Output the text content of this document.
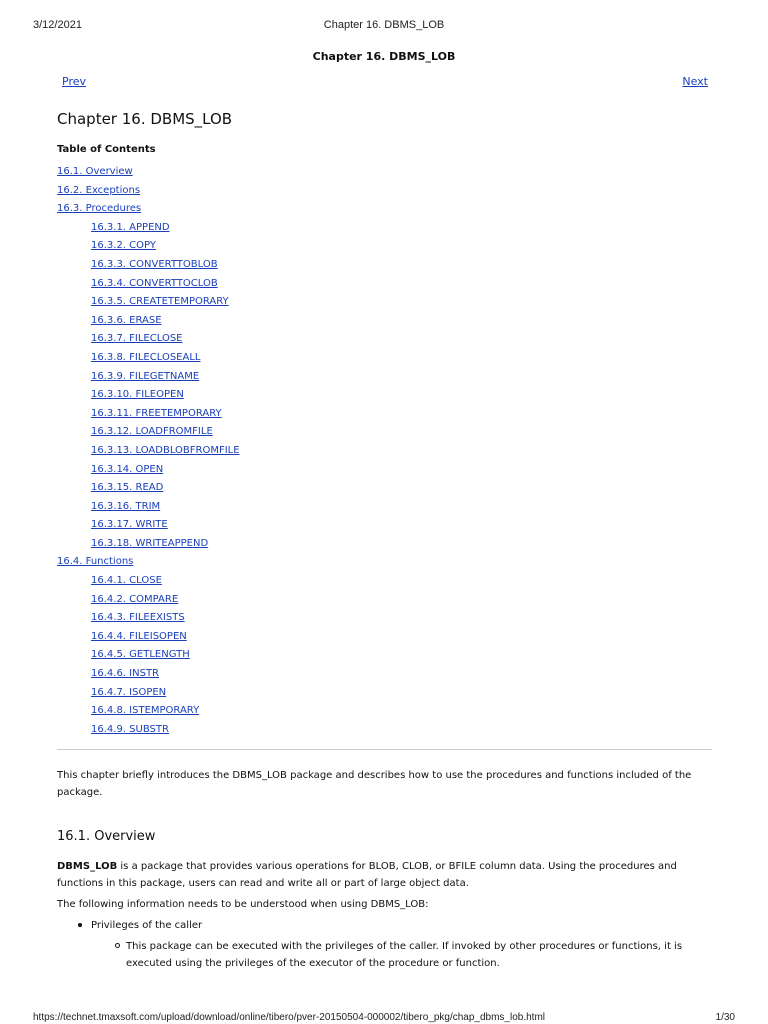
3/12/2021	Chapter 16. DBMS_LOB
Chapter 16. DBMS_LOB
Prev	Next
Chapter 16. DBMS_LOB
Table of Contents
16.1. Overview
16.2. Exceptions
16.3. Procedures
16.3.1. APPEND
16.3.2. COPY
16.3.3. CONVERTTOBLOB
16.3.4. CONVERTTOCLOB
16.3.5. CREATETEMPORARY
16.3.6. ERASE
16.3.7. FILECLOSE
16.3.8. FILECLOSEALL
16.3.9. FILEGETNAME
16.3.10. FILEOPEN
16.3.11. FREETEMPORARY
16.3.12. LOADFROMFILE
16.3.13. LOADBLOBFROMFILE
16.3.14. OPEN
16.3.15. READ
16.3.16. TRIM
16.3.17. WRITE
16.3.18. WRITEAPPEND
16.4. Functions
16.4.1. CLOSE
16.4.2. COMPARE
16.4.3. FILEEXISTS
16.4.4. FILEISOPEN
16.4.5. GETLENGTH
16.4.6. INSTR
16.4.7. ISOPEN
16.4.8. ISTEMPORARY
16.4.9. SUBSTR

This chapter briefly introduces the DBMS_LOB package and describes how to use the procedures and functions included of the package.

16.1. Overview

DBMS_LOB is a package that provides various operations for BLOB, CLOB, or BFILE column data. Using the procedures and functions in this package, users can read and write all or part of large object data.

The following information needs to be understood when using DBMS_LOB:

Privileges of the caller
This package can be executed with the privileges of the caller. If invoked by other procedures or functions, it is executed using the privileges of the executor of the procedure or function.
https://technet.tmaxsoft.com/upload/download/online/tibero/pver-20150504-000002/tibero_pkg/chap_dbms_lob.html	1/30
